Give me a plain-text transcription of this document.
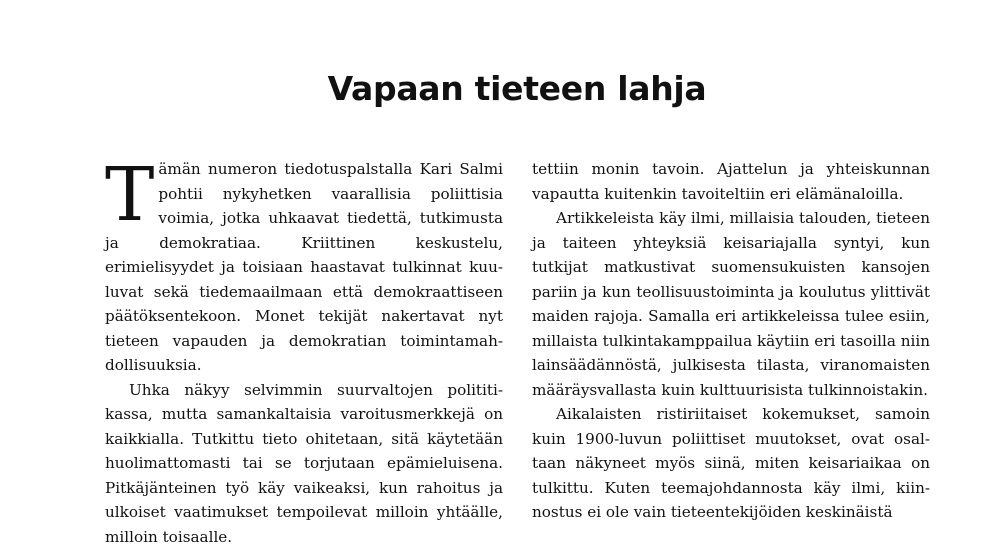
Vapaan tieteen lahja

Tämän numeron tiedotuspalstalla Kari Salmi pohtii nykyhetken vaarallisia poliittisia voimia, jotka uhkaavat tiedettä, tutkimusta ja demokratiaa. Kriittinen keskustelu, erimielisyydet ja toisiaan haastavat tulkinnat kuuluvat sekä tiedemaailmaan että demokraattiseen päätöksentekoon. Monet tekijät nakertavat nyt tieteen vapauden ja demokratian toimintamahdollisuuksia.

Uhka näkyy selvimmin suurvaltojen polititikassa, mutta samankaltaisia varoitusmerkkejä on kaikkialla. Tutkittu tieto ohitetaan, sitä käytetään huolimattomasti tai se torjutaan epämieluisena. Pitkäjänteinen työ käy vaikeaksi, kun rahoitus ja ulkoiset vaatimukset tempoilevat milloin yhtäälle, milloin toisaalle.

tettiin monin tavoin. Ajattelun ja yhteiskunnan vapautta kuitenkin tavoiteltiin eri elämänaloilla.

Artikkeleista käy ilmi, millaisia talouden, tieteen ja taiteen yhteyksiä keisariajalla syntyi, kun tutkijat matkustivat suomensukuisten kansojen pariin ja kun teollisuustoiminta ja koulutus ylittivät maiden rajoja. Samalla eri artikkeleissa tulee esiin, millaista tulkintakamppailua käytiin eri tasoilla niin lainsäädännöstä, julkisesta tilasta, viranomaisten määräysvallasta kuin kulttuurisista tulkinnoistakin.

Aikalaisten ristiriitaiset kokemukset, samoin kuin 1900-luvun poliittiset muutokset, ovat osaltaan näkyneet myös siinä, miten keisariaikaa on tulkittu. Kuten teemajohdannosta käy ilmi, kiinnostus ei ole vain tieteentekijöiden keskinäistä
